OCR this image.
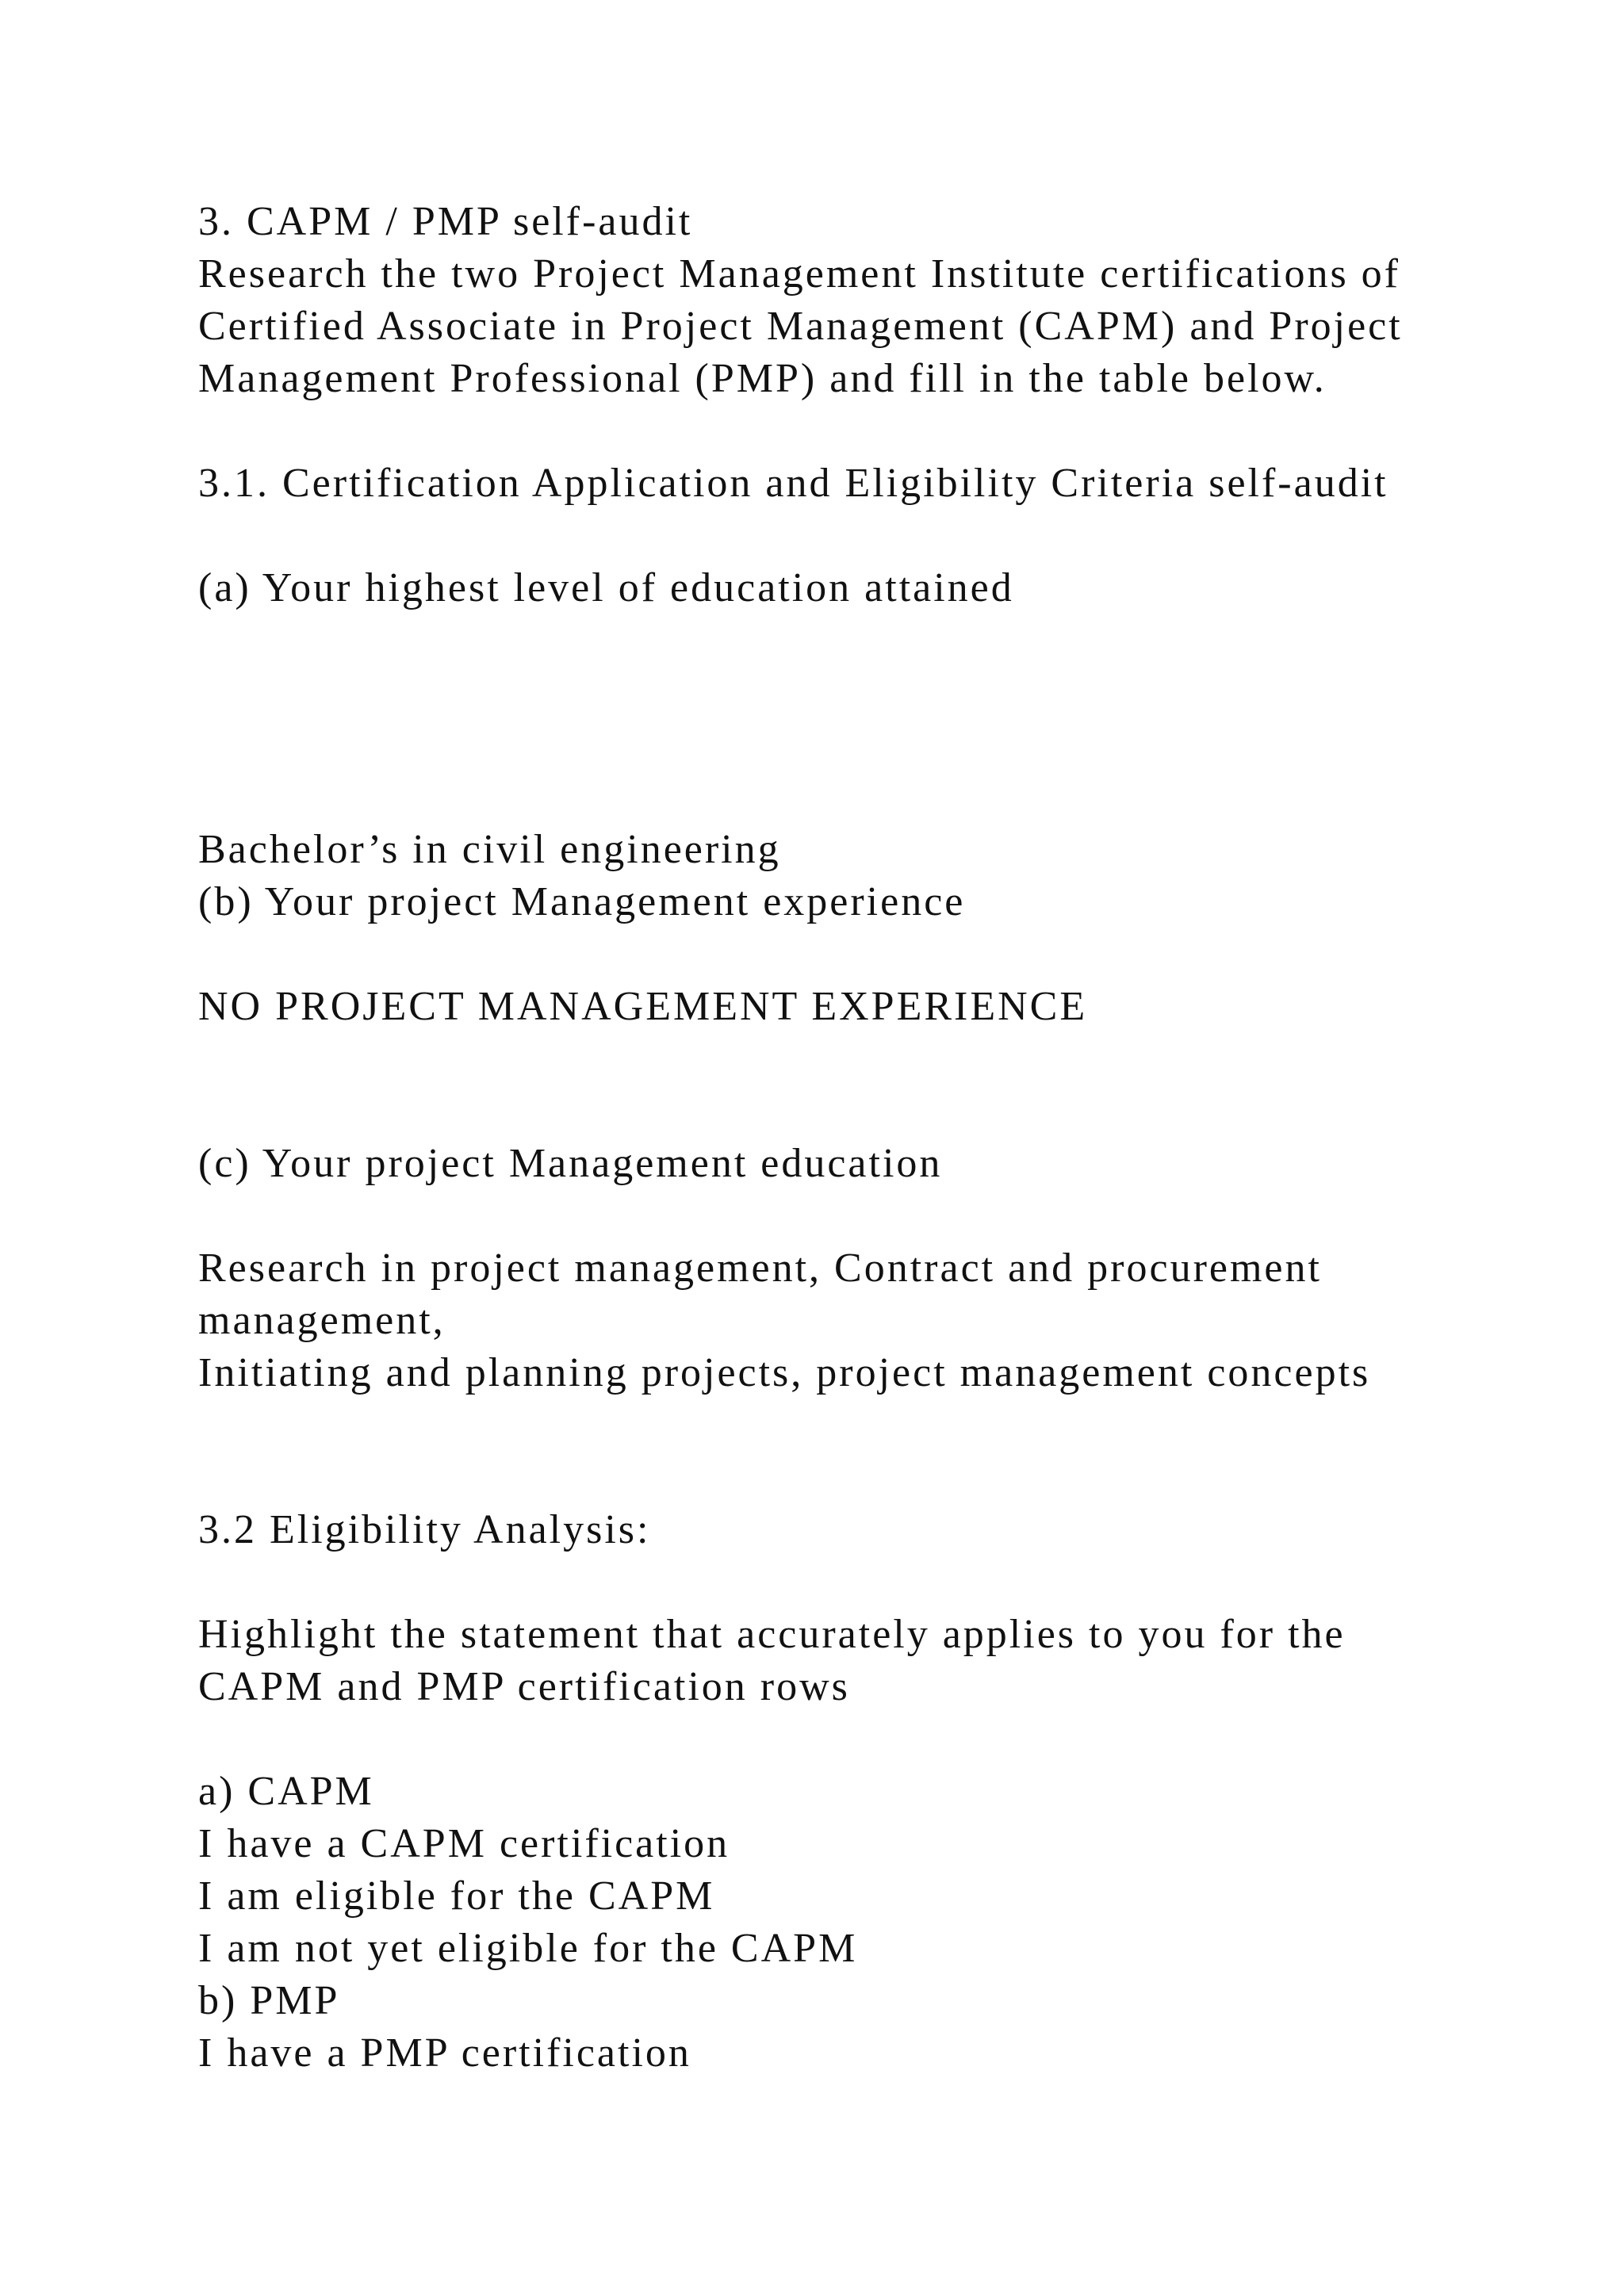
3. CAPM / PMP self-audit
Research the two Project Management Institute certifications of
Certified Associate in Project Management (CAPM) and Project
Management Professional (PMP) and fill in the table below.
3.1. Certification Application and Eligibility Criteria self-audit
(a) Your highest level of education attained
Bachelor’s in civil engineering
(b) Your project Management experience
NO PROJECT MANAGEMENT EXPERIENCE
(c) Your project Management education
Research in project management, Contract and procurement
management,
Initiating and planning projects, project management concepts
3.2 Eligibility Analysis:
Highlight the statement that accurately applies to you for the
CAPM and PMP certification rows
a) CAPM
I have a CAPM certification
I am eligible for the CAPM
I am not yet eligible for the CAPM
b) PMP
I have a PMP certification
